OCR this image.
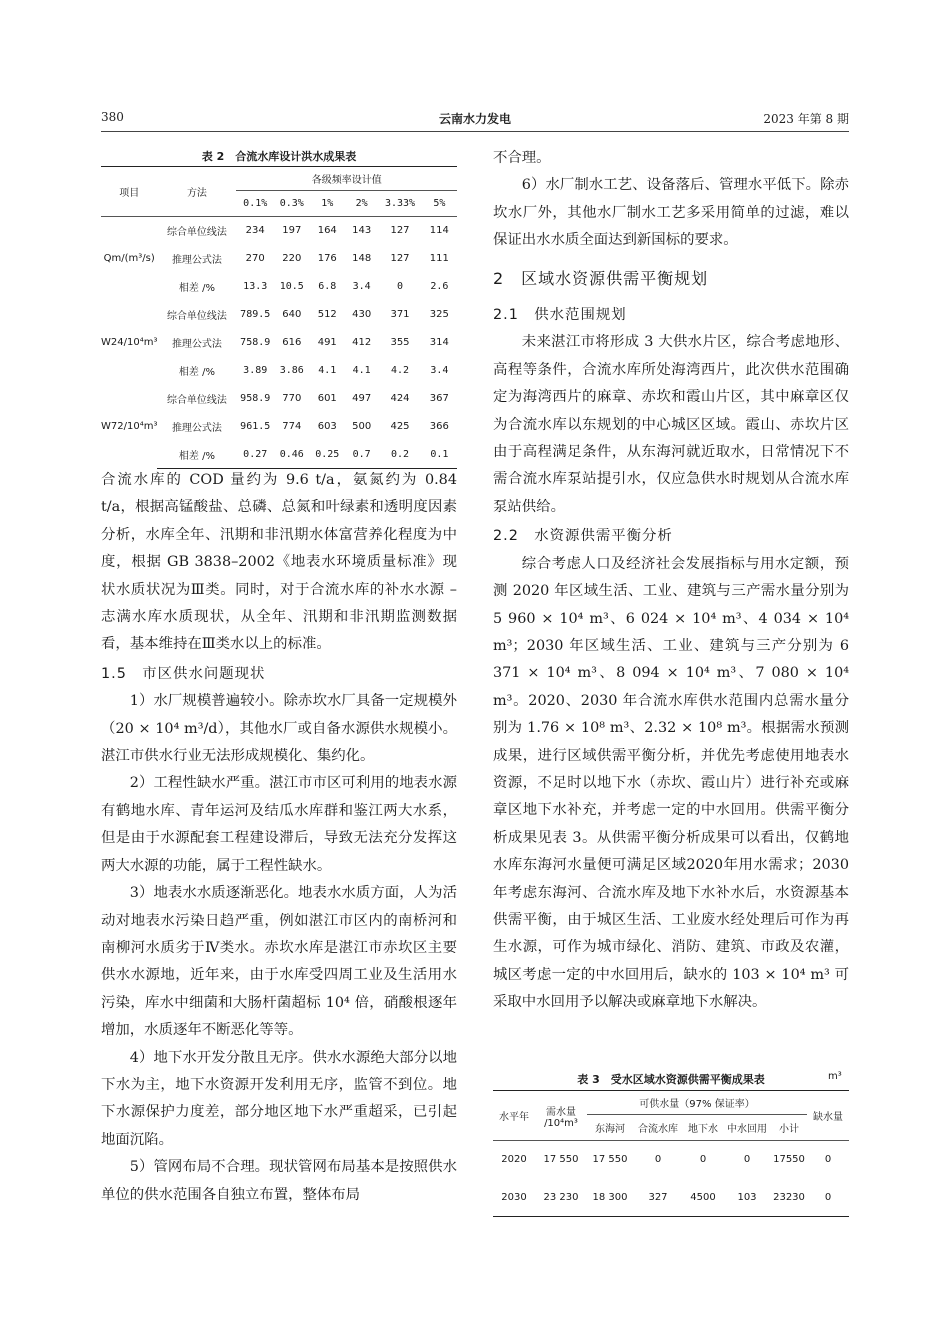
380	云南水力发电	2023 年第 8 期
表 2　合流水库设计洪水成果表
项目	方法	各级频率设计值					
		0.1%	0.3%	1%	2%	3.33%	5%
Qm/(m³/s)	综合单位线法	234	197	164	143	127	114
	推理公式法	270	220	176	148	127	111
	相差 /%	13.3	10.5	6.8	3.4	0	2.6
W24/10⁴m³	综合单位线法	789.5	640	512	430	371	325
	推理公式法	758.9	616	491	412	355	314
	相差 /%	3.89	3.86	4.1	4.1	4.2	3.4
W72/10⁴m³	综合单位线法	958.9	770	601	497	424	367
	推理公式法	961.5	774	603	500	425	366
	相差 /%	0.27	0.46	0.25	0.7	0.2	0.1

合流水库的 COD 量约为 9.6 t/a，氨氮约为 0.84 t/a，根据高锰酸盐、总磷、总氮和叶绿素和透明度因素分析，水库全年、汛期和非汛期水体富营养化程度为中度，根据 GB 3838–2002《地表水环境质量标准》现状水质状况为Ⅲ类。同时，对于合流水库的补水水源 – 志满水库水质现状，从全年、汛期和非汛期监测数据看，基本维持在Ⅲ类水以上的标准。

1.5　市区供水问题现状

1）水厂规模普遍较小。除赤坎水厂具备一定规模外（20 × 10⁴ m³/d），其他水厂或自备水源供水规模小。湛江市供水行业无法形成规模化、集约化。

2）工程性缺水严重。湛江市市区可利用的地表水源有鹤地水库、青年运河及结瓜水库群和鉴江两大水系，但是由于水源配套工程建设滞后，导致无法充分发挥这两大水源的功能，属于工程性缺水。

3）地表水水质逐渐恶化。地表水水质方面，人为活动对地表水污染日趋严重，例如湛江市区内的南桥河和南柳河水质劣于Ⅳ类水。赤坎水库是湛江市赤坎区主要供水水源地，近年来，由于水库受四周工业及生活用水污染，库水中细菌和大肠杆菌超标 10⁴ 倍，硝酸根逐年增加，水质逐年不断恶化等等。

4）地下水开发分散且无序。供水水源绝大部分以地下水为主，地下水资源开发利用无序，监管不到位。地下水源保护力度差，部分地区地下水严重超采，已引起地面沉陷。

5）管网布局不合理。现状管网布局基本是按照供水单位的供水范围各自独立布置，整体布局

不合理。

6）水厂制水工艺、设备落后、管理水平低下。除赤坎水厂外，其他水厂制水工艺多采用简单的过滤，难以保证出水水质全面达到新国标的要求。

2　区域水资源供需平衡规划
2.1　供水范围规划

未来湛江市将形成 3 大供水片区，综合考虑地形、高程等条件，合流水库所处海湾西片，此次供水范围确定为海湾西片的麻章、赤坎和霞山片区，其中麻章区仅为合流水库以东规划的中心城区区域。霞山、赤坎片区由于高程满足条件，从东海河就近取水，日常情况下不需合流水库泵站提引水，仅应急供水时规划从合流水库泵站供给。

2.2　水资源供需平衡分析

综合考虑人口及经济社会发展指标与用水定额，预测 2020 年区域生活、工业、建筑与三产需水量分别为 5 960 × 10⁴ m³、6 024 × 10⁴ m³、4 034 × 10⁴ m³；2030 年区域生活、工业、建筑与三产分别为 6 371 × 10⁴ m³、8 094 × 10⁴ m³、7 080 × 10⁴ m³。2020、2030 年合流水库供水范围内总需水量分别为 1.76 × 10⁸ m³、2.32 × 10⁸ m³。根据需水预测成果，进行区域供需平衡分析，并优先考虑使用地表水资源，不足时以地下水（赤坎、霞山片）进行补充或麻章区地下水补充，并考虑一定的中水回用。供需平衡分析成果见表 3。从供需平衡分析成果可以看出，仅鹤地水库东海河水量便可满足区域2020年用水需求；2030年考虑东海河、合流水库及地下水补水后，水资源基本供需平衡，由于城区生活、工业废水经处理后可作为再生水源，可作为城市绿化、消防、建筑、市政及农灌，城区考虑一定的中水回用后，缺水的 103 × 10⁴ m³ 可采取中水回用予以解决或麻章地下水解决。

表 3　受水区域水资源供需平衡成果表	m³
水平年	需水量 /10⁴m³	可供水量（97% 保证率）					缺水量
		东海河	合流水库	地下水	中水回用	小计	
2020	17 550	17 550	0	0	0	17550	0
2030	23 230	18 300	327	4500	103	23230	0
